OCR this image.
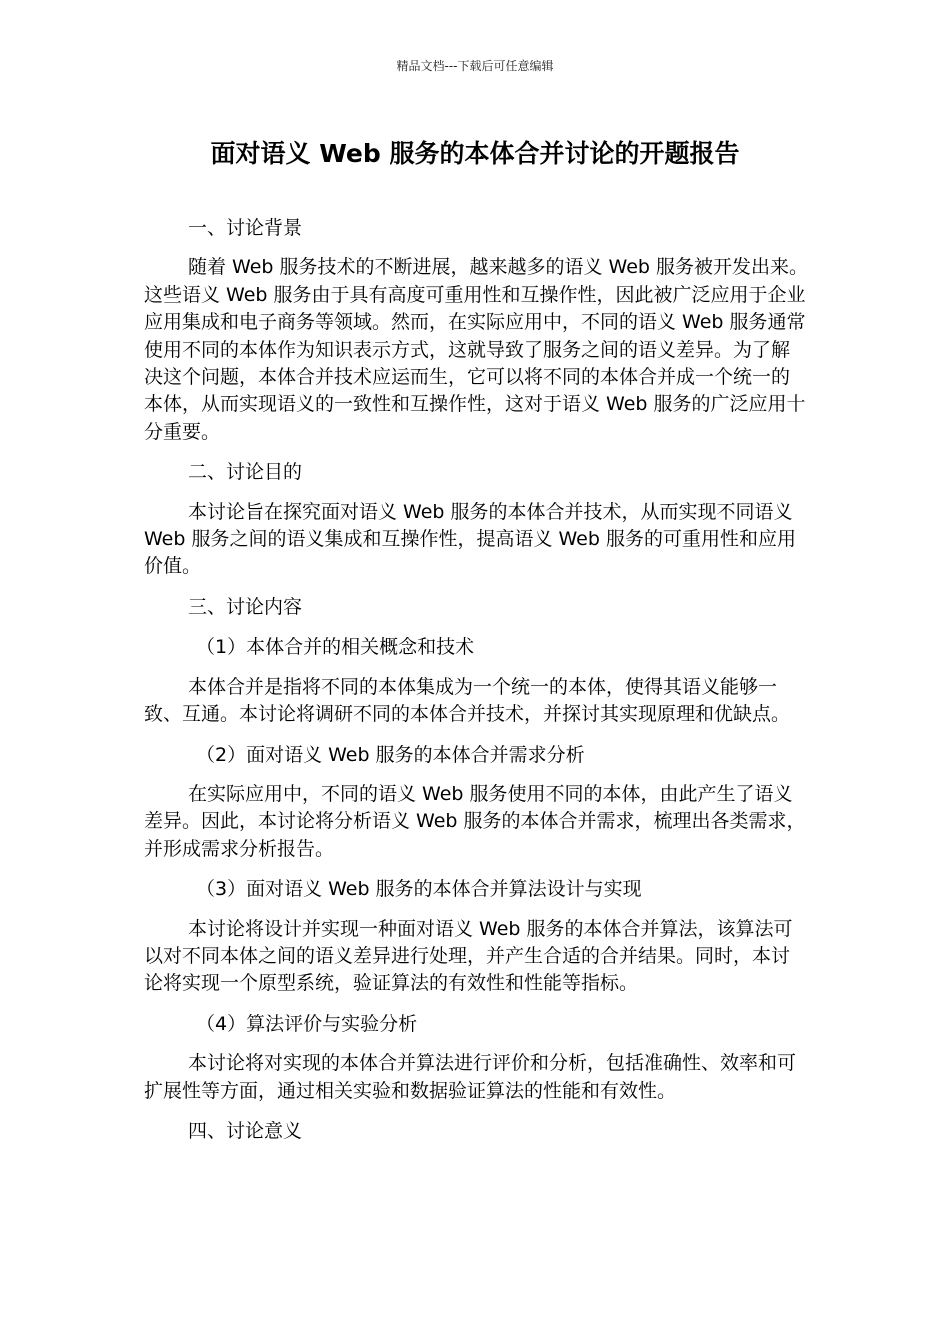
精品文档---下载后可任意编辑
面对语义 Web 服务的本体合并讨论的开题报告

一、讨论背景

随着 Web 服务技术的不断进展，越来越多的语义 Web 服务被开发出来。这些语义 Web 服务由于具有高度可重用性和互操作性，因此被广泛应用于企业应用集成和电子商务等领域。然而，在实际应用中，不同的语义 Web 服务通常使用不同的本体作为知识表示方式，这就导致了服务之间的语义差异。为了解决这个问题，本体合并技术应运而生，它可以将不同的本体合并成一个统一的本体，从而实现语义的一致性和互操作性，这对于语义 Web 服务的广泛应用十分重要。

二、讨论目的

本讨论旨在探究面对语义 Web 服务的本体合并技术，从而实现不同语义 Web 服务之间的语义集成和互操作性，提高语义 Web 服务的可重用性和应用价值。

三、讨论内容

（1）本体合并的相关概念和技术

本体合并是指将不同的本体集成为一个统一的本体，使得其语义能够一致、互通。本讨论将调研不同的本体合并技术，并探讨其实现原理和优缺点。

（2）面对语义 Web 服务的本体合并需求分析

在实际应用中，不同的语义 Web 服务使用不同的本体，由此产生了语义差异。因此，本讨论将分析语义 Web 服务的本体合并需求，梳理出各类需求，并形成需求分析报告。

（3）面对语义 Web 服务的本体合并算法设计与实现

本讨论将设计并实现一种面对语义 Web 服务的本体合并算法，该算法可以对不同本体之间的语义差异进行处理，并产生合适的合并结果。同时，本讨论将实现一个原型系统，验证算法的有效性和性能等指标。

（4）算法评价与实验分析

本讨论将对实现的本体合并算法进行评价和分析，包括准确性、效率和可扩展性等方面，通过相关实验和数据验证算法的性能和有效性。

四、讨论意义
